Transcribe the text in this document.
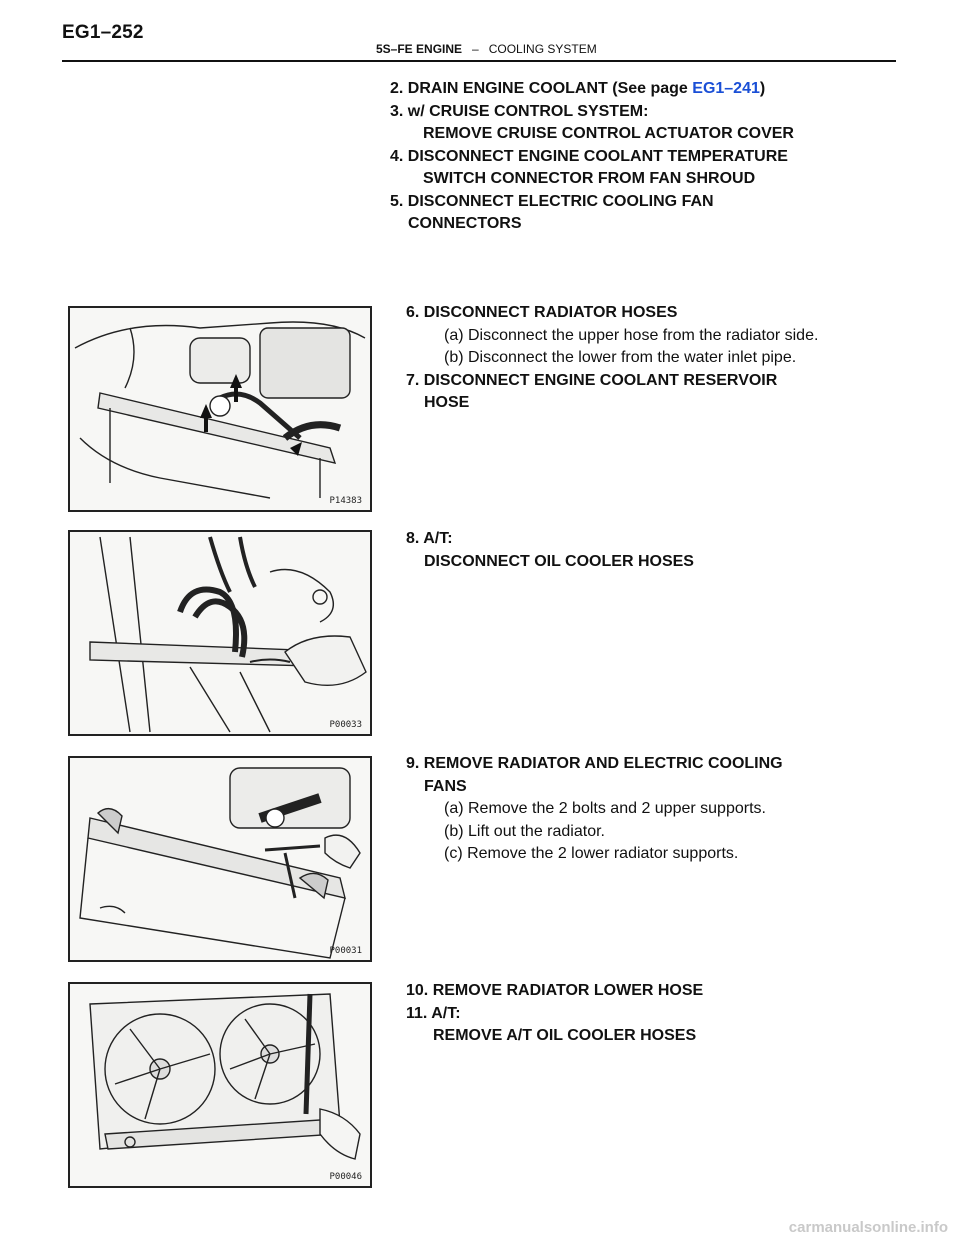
EG1–252
5S–FE ENGINE – COOLING SYSTEM
2. DRAIN ENGINE COOLANT (See page EG1–241)
3. w/ CRUISE CONTROL SYSTEM:
REMOVE CRUISE CONTROL ACTUATOR COVER
4. DISCONNECT ENGINE COOLANT TEMPERATURE
SWITCH CONNECTOR FROM FAN SHROUD
5. DISCONNECT ELECTRIC COOLING FAN
CONNECTORS
6. DISCONNECT RADIATOR HOSES
(a) Disconnect the upper hose from the radiator side.
(b) Disconnect the lower from the water inlet pipe.
7. DISCONNECT ENGINE COOLANT RESERVOIR
HOSE
8. A/T:
DISCONNECT OIL COOLER HOSES
9. REMOVE RADIATOR AND ELECTRIC COOLING
FANS
(a) Remove the 2 bolts and 2 upper supports.
(b) Lift out the radiator.
(c) Remove the 2 lower radiator supports.
10. REMOVE RADIATOR LOWER HOSE
11. A/T:
REMOVE A/T OIL COOLER HOSES
P14383
P00033
P00031
P00046
carmanualsonline.info
